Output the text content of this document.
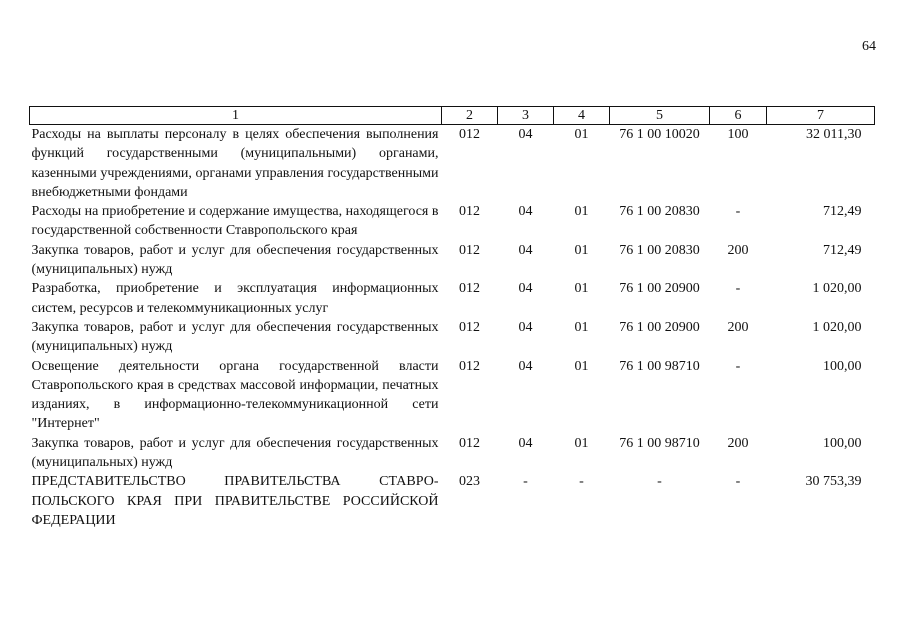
64
1	2	3	4	5	6	7
Расходы на выплаты персоналу в целях обеспечения выполнения функций государственными (муниципальными) органами, казенными учреждениями, органами управления государственными внебюджетными фондами	012	04	01	76 1 00 10020	100	32 011,30
Расходы на приобретение и содержание имущества, находящегося в государственной собственности Ставропольского края	012	04	01	76 1 00 20830	-	712,49
Закупка товаров, работ и услуг для обеспечения государственных (муниципальных) нужд	012	04	01	76 1 00 20830	200	712,49
Разработка, приобретение и эксплуатация информационных систем, ресурсов и телекоммуникационных услуг	012	04	01	76 1 00 20900	-	1 020,00
Закупка товаров, работ и услуг для обеспечения государственных (муниципальных) нужд	012	04	01	76 1 00 20900	200	1 020,00
Освещение деятельности органа государственной власти Ставропольского края в средствах массовой информации, печатных изданиях, в информационно-телекоммуникационной сети "Интернет"	012	04	01	76 1 00 98710	-	100,00
Закупка товаров, работ и услуг для обеспечения государственных (муниципальных) нужд	012	04	01	76 1 00 98710	200	100,00
ПРЕДСТАВИТЕЛЬСТВО ПРАВИТЕЛЬСТВА СТАВРО-ПОЛЬСКОГО КРАЯ ПРИ ПРАВИТЕЛЬСТВЕ РОССИЙСКОЙ ФЕДЕРАЦИИ	023	-	-	-	-	30 753,39
